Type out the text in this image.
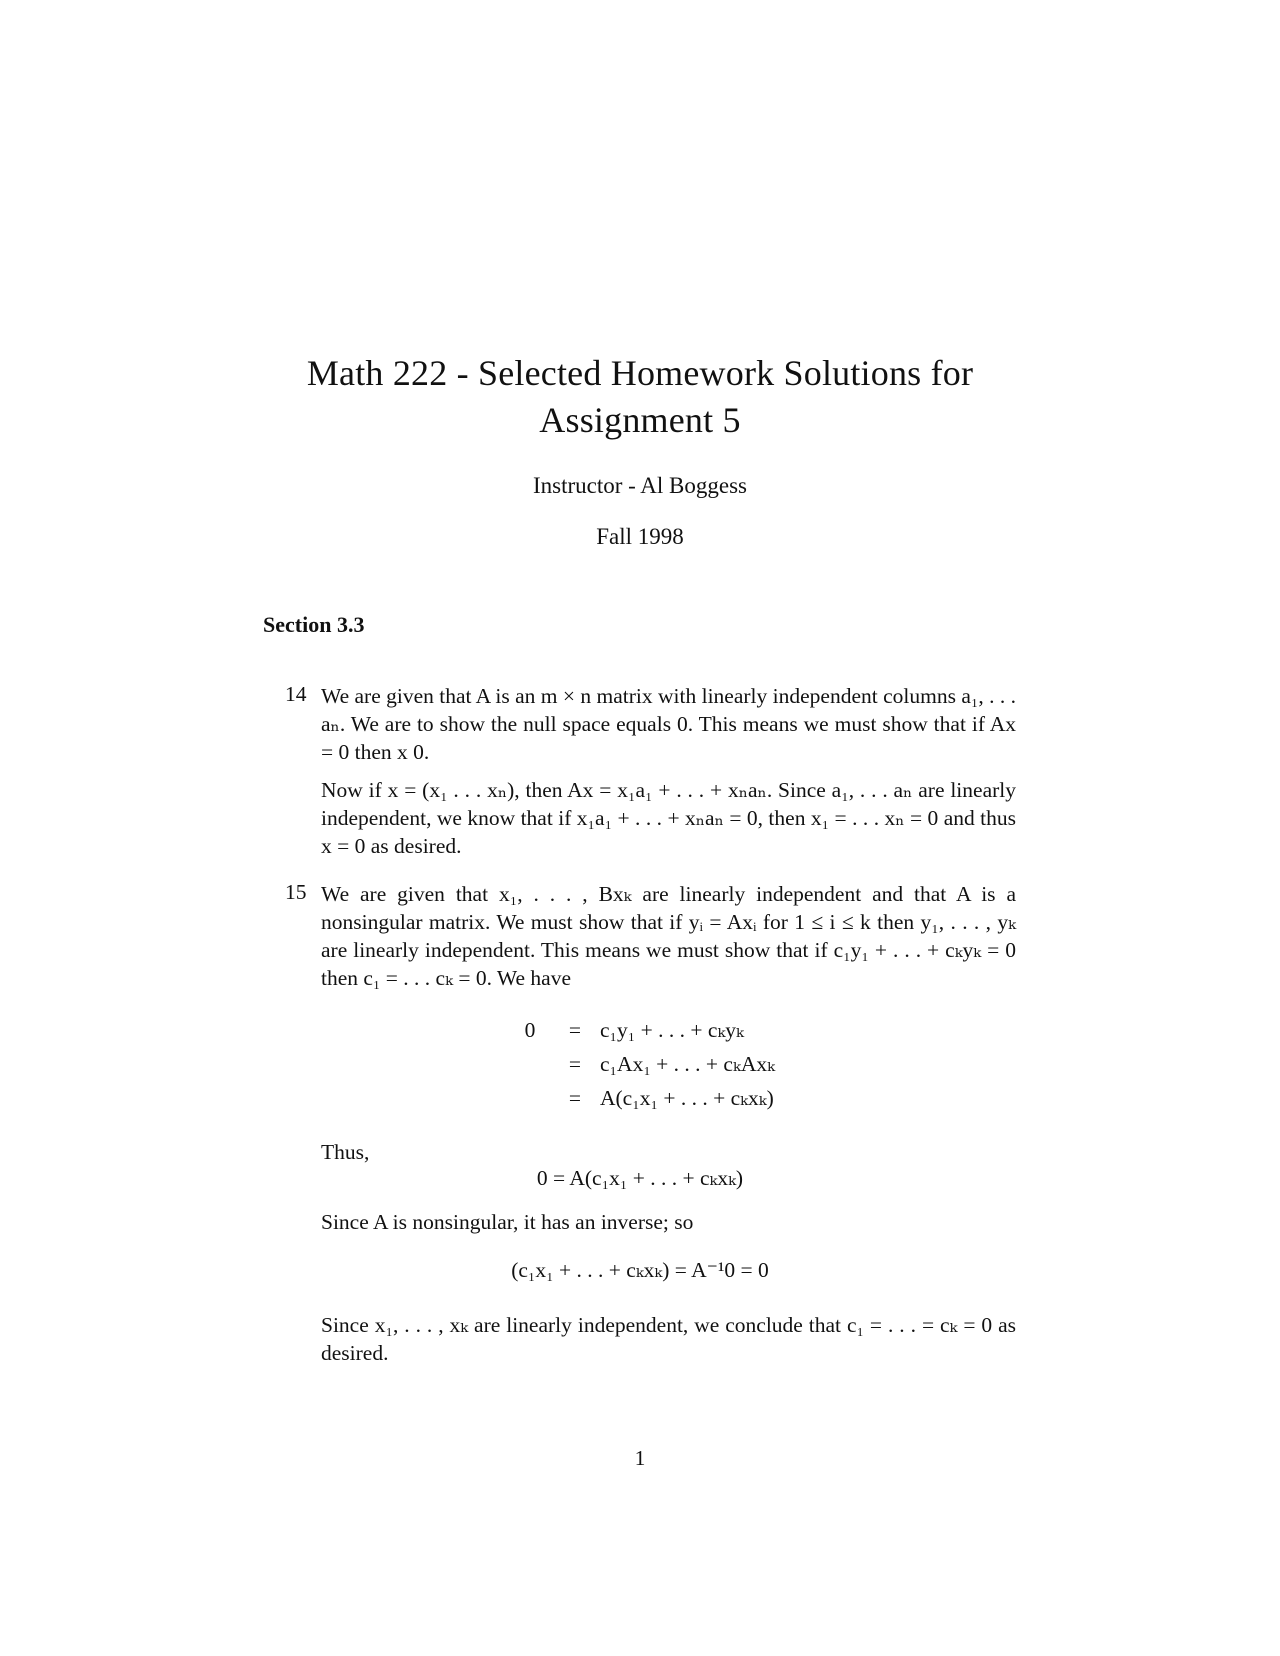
Math 222 - Selected Homework Solutions for
Assignment 5
Instructor - Al Boggess
Fall 1998
Section 3.3
14 We are given that A is an m × n matrix with linearly independent columns a₁, . . . aₙ. We are to show the null space equals 0. This means we must show that if Ax = 0 then x 0.
Now if x = (x₁ . . . xₙ), then Ax = x₁a₁ + . . . + xₙaₙ. Since a₁, . . . aₙ are linearly independent, we know that if x₁a₁ + . . . + xₙaₙ = 0, then x₁ = . . . xₙ = 0 and thus x = 0 as desired.
15 We are given that x₁, . . . , Bxₖ are linearly independent and that A is a nonsingular matrix. We must show that if yᵢ = Axᵢ for 1 ≤ i ≤ k then y₁, . . . , yₖ are linearly independent. This means we must show that if c₁y₁ + . . . + cₖyₖ = 0 then c₁ = . . . cₖ = 0. We have
0	= c₁y₁ + . . . + cₖyₖ
= c₁Ax₁ + . . . + cₖAxₖ
= A(c₁x₁ + . . . + cₖxₖ)
Thus,
0 = A(c₁x₁ + . . . + cₖxₖ)
Since A is nonsingular, it has an inverse; so
(c₁x₁ + . . . + cₖxₖ) = A⁻¹0 = 0
Since x₁, . . . , xₖ are linearly independent, we conclude that c₁ = . . . = cₖ = 0 as desired.
1
